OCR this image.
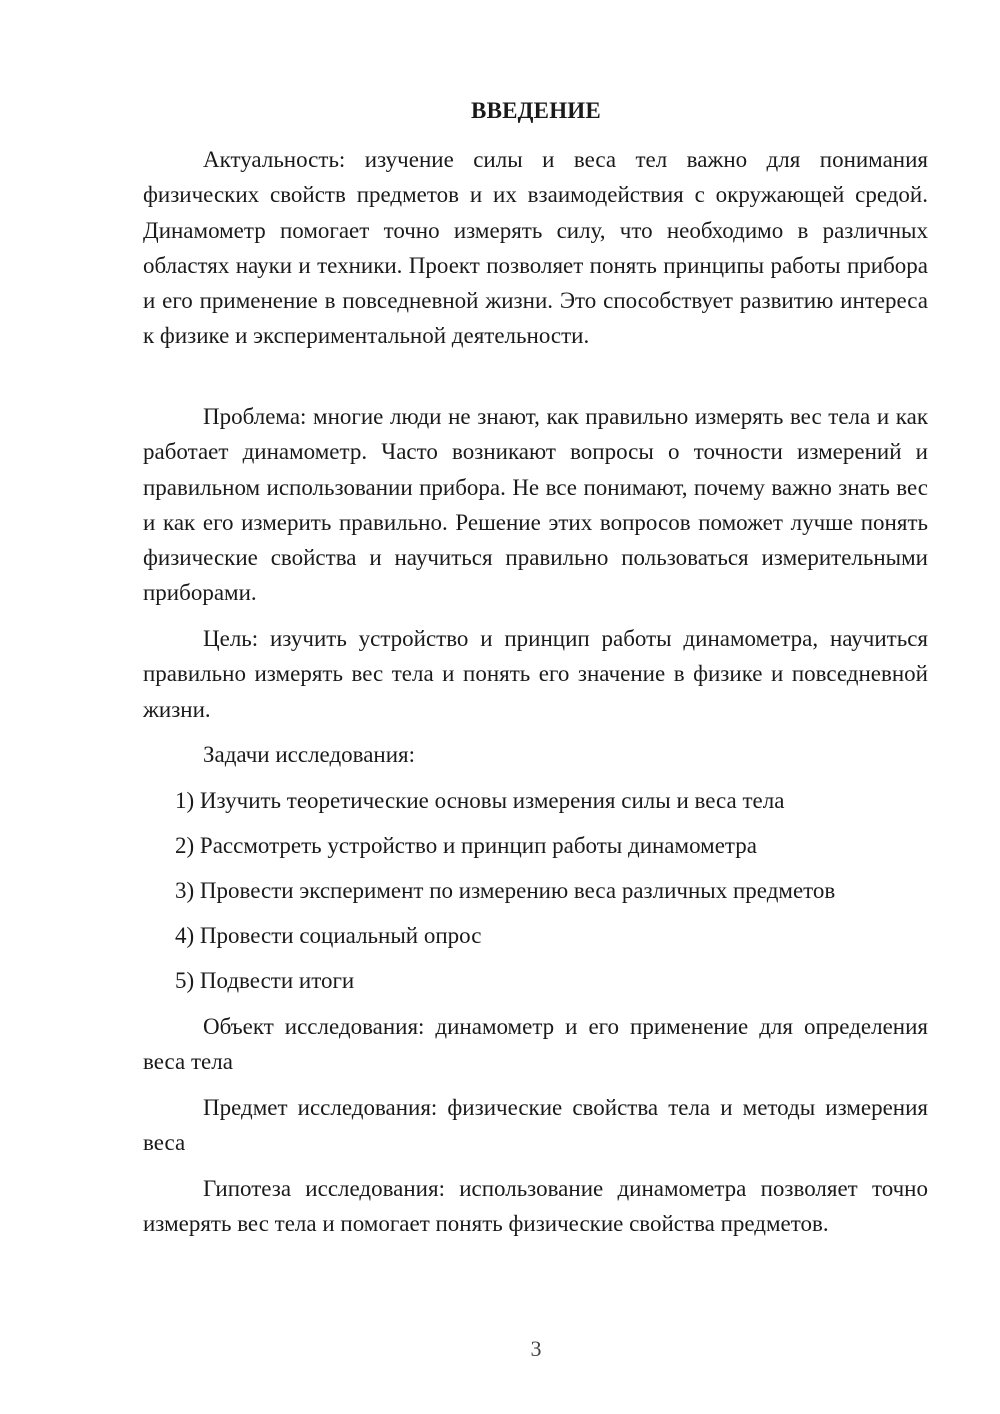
ВВЕДЕНИЕ

Актуальность: изучение силы и веса тел важно для понимания физических свойств предметов и их взаимодействия с окружающей средой. Динамометр помогает точно измерять силу, что необходимо в различных областях науки и техники. Проект позволяет понять принципы работы прибора и его применение в повседневной жизни. Это способствует развитию интереса к физике и экспериментальной деятельности.

Проблема: многие люди не знают, как правильно измерять вес тела и как работает динамометр. Часто возникают вопросы о точности измерений и правильном использовании прибора. Не все понимают, почему важно знать вес и как его измерить правильно. Решение этих вопросов поможет лучше понять физические свойства и научиться правильно пользоваться измерительными приборами.

Цель: изучить устройство и принцип работы динамометра, научиться правильно измерять вес тела и понять его значение в физике и повседневной жизни.

Задачи исследования:
1) Изучить теоретические основы измерения силы и веса тела
2) Рассмотреть устройство и принцип работы динамометра
3) Провести эксперимент по измерению веса различных предметов
4) Провести социальный опрос
5) Подвести итоги

Объект исследования: динамометр и его применение для определения веса тела

Предмет исследования: физические свойства тела и методы измерения веса

Гипотеза исследования: использование динамометра позволяет точно измерять вес тела и помогает понять физические свойства предметов.

3
